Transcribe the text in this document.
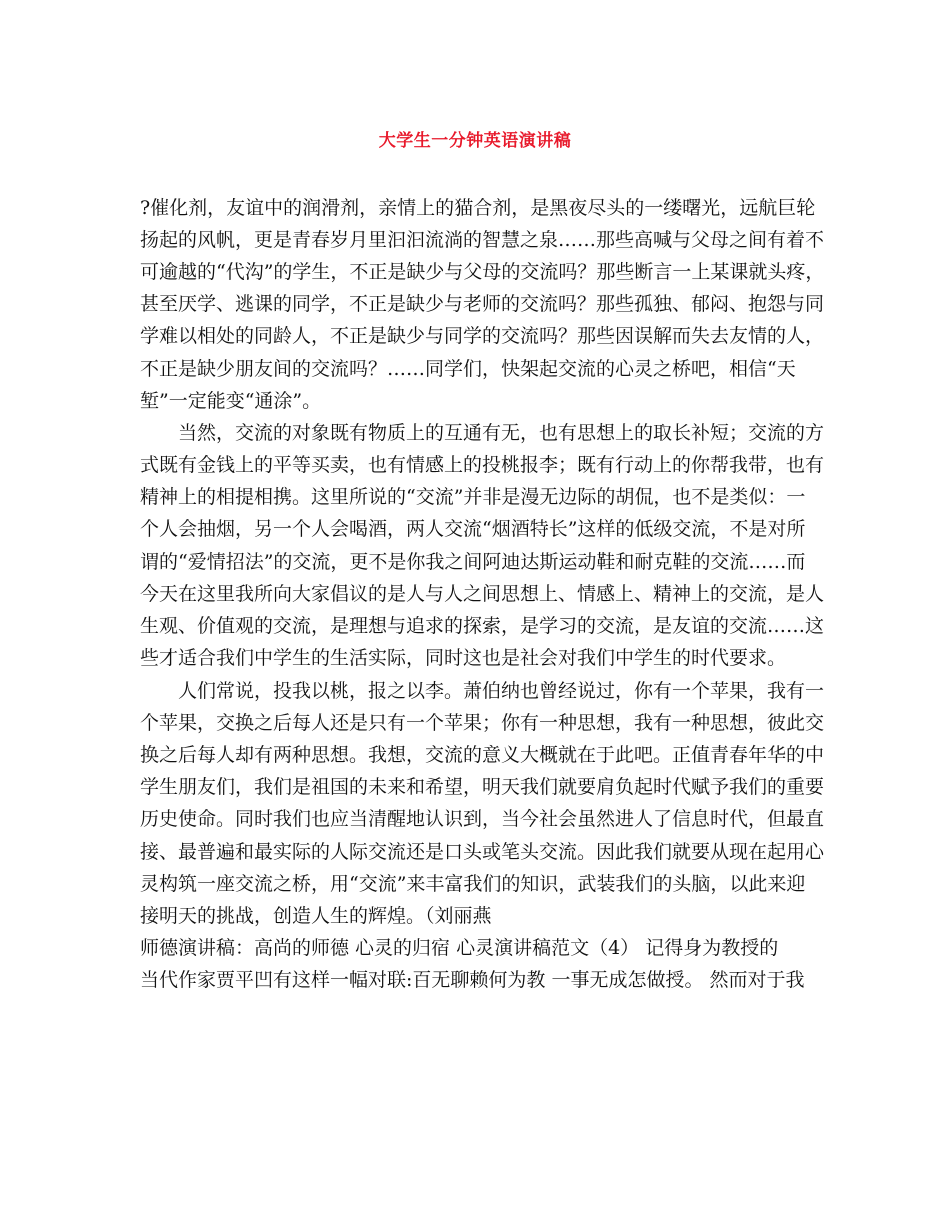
大学生一分钟英语演讲稿

?催化剂，友谊中的润滑剂，亲情上的猫合剂，是黑夜尽头的一缕曙光，远航巨轮

扬起的风帆，更是青春岁月里汩汩流淌的智慧之泉……那些高喊与父母之间有着不

可逾越的“代沟”的学生，不正是缺少与父母的交流吗？那些断言一上某课就头疼，

甚至厌学、逃课的同学，不正是缺少与老师的交流吗？那些孤独、郁闷、抱怨与同

学难以相处的同龄人，不正是缺少与同学的交流吗？那些因误解而失去友情的人，

不正是缺少朋友间的交流吗？……同学们，快架起交流的心灵之桥吧，相信“天

堑”一定能变“通涂”。

　　当然，交流的对象既有物质上的互通有无，也有思想上的取长补短；交流的方

式既有金钱上的平等买卖，也有情感上的投桃报李；既有行动上的你帮我带，也有

精神上的相提相携。这里所说的“交流”并非是漫无边际的胡侃，也不是类似：一

个人会抽烟，另一个人会喝酒，两人交流“烟酒特长”这样的低级交流，不是对所

谓的“爱情招法”的交流，更不是你我之间阿迪达斯运动鞋和耐克鞋的交流……而

今天在这里我所向大家倡议的是人与人之间思想上、情感上、精神上的交流，是人

生观、价值观的交流，是理想与追求的探索，是学习的交流，是友谊的交流……这

些才适合我们中学生的生活实际，同时这也是社会对我们中学生的时代要求。

　　人们常说，投我以桃，报之以李。萧伯纳也曾经说过，你有一个苹果，我有一

个苹果，交换之后每人还是只有一个苹果；你有一种思想，我有一种思想，彼此交

换之后每人却有两种思想。我想，交流的意义大概就在于此吧。正值青春年华的中

学生朋友们，我们是祖国的未来和希望，明天我们就要肩负起时代赋予我们的重要

历史使命。同时我们也应当清醒地认识到，当今社会虽然进人了信息时代，但最直

接、最普遍和最实际的人际交流还是口头或笔头交流。因此我们就要从现在起用心

灵构筑一座交流之桥，用“交流”来丰富我们的知识，武装我们的头脑，以此来迎

接明天的挑战，创造人生的辉煌。（刘丽燕

师德演讲稿：高尚的师德 心灵的归宿 心灵演讲稿范文（4） 记得身为教授的

当代作家贾平凹有这样一幅对联:百无聊赖何为教 一事无成怎做授。 然而对于我
